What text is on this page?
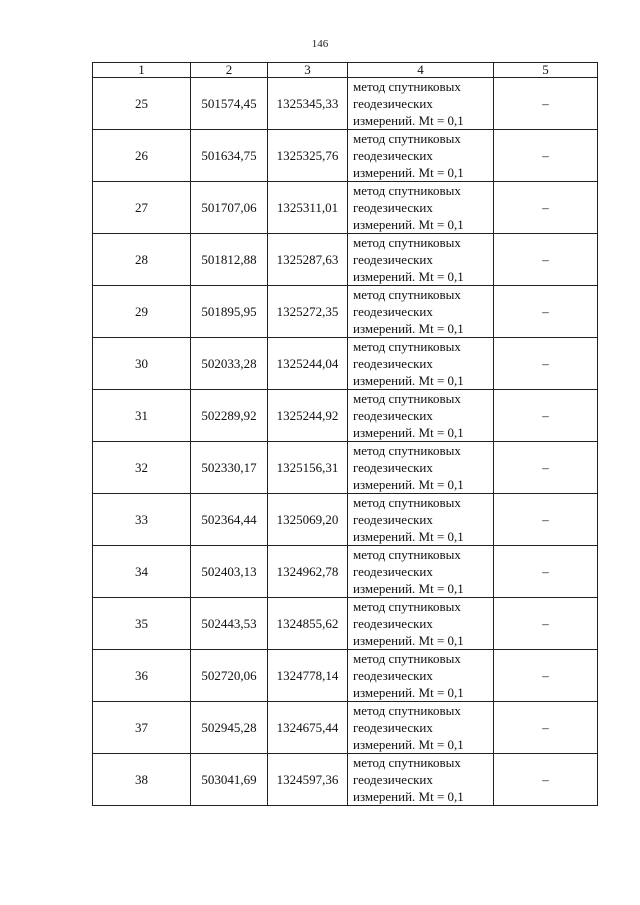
146
1	2	3	4	5
25	501574,45	1325345,33	метод спутниковых
геодезических
измерений. Mt = 0,1	–
26	501634,75	1325325,76	метод спутниковых
геодезических
измерений. Mt = 0,1	–
27	501707,06	1325311,01	метод спутниковых
геодезических
измерений. Mt = 0,1	–
28	501812,88	1325287,63	метод спутниковых
геодезических
измерений. Mt = 0,1	–
29	501895,95	1325272,35	метод спутниковых
геодезических
измерений. Mt = 0,1	–
30	502033,28	1325244,04	метод спутниковых
геодезических
измерений. Mt = 0,1	–
31	502289,92	1325244,92	метод спутниковых
геодезических
измерений. Mt = 0,1	–
32	502330,17	1325156,31	метод спутниковых
геодезических
измерений. Mt = 0,1	–
33	502364,44	1325069,20	метод спутниковых
геодезических
измерений. Mt = 0,1	–
34	502403,13	1324962,78	метод спутниковых
геодезических
измерений. Mt = 0,1	–
35	502443,53	1324855,62	метод спутниковых
геодезических
измерений. Mt = 0,1	–
36	502720,06	1324778,14	метод спутниковых
геодезических
измерений. Mt = 0,1	–
37	502945,28	1324675,44	метод спутниковых
геодезических
измерений. Mt = 0,1	–
38	503041,69	1324597,36	метод спутниковых
геодезических
измерений. Mt = 0,1	–
